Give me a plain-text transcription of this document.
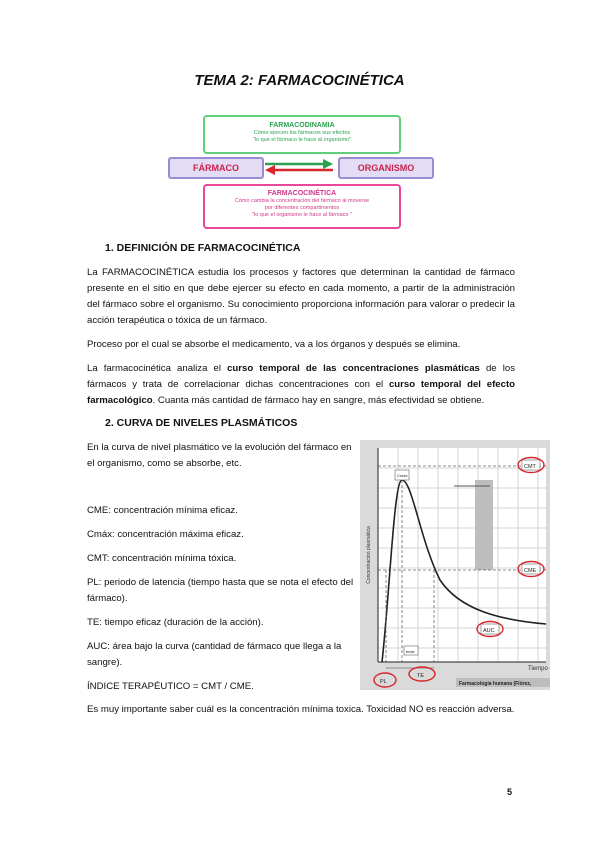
TEMA 2: FARMACOCINÉTICA
FARMACODINAMIA
Cómo ejercen los fármacos sus efectos
"lo que el fármaco le hace al organismo"
FÁRMACO	ORGANISMO
FARMACOCINÉTICA
Cómo cambia la concentración del fármaco al moverse
por diferentes compartimentos
"lo que el organismo le hace al fármaco "
1. DEFINICIÓN DE FARMACOCINÉTICA
La FARMACOCINÉTICA estudia los procesos y factores que determinan la cantidad de fármaco presente en el sitio en que debe ejercer su efecto en cada momento, a partir de la administración del fármaco sobre el organismo. Su conocimiento proporciona información para valorar o predecir la acción terapéutica o tóxica de un fármaco.
Proceso por el cual se absorbe el medicamento, va a los órganos y después se elimina.
La farmacocinética analiza el curso temporal de las concentraciones plasmáticas de los fármacos y trata de correlacionar dichas concentraciones con el curso temporal del efecto farmacológico. Cuanta más cantidad de fármaco hay en sangre, más efectividad se obtiene.
2. CURVA DE NIVELES PLASMÁTICOS
En la curva de nivel plasmático ve la evolución del fármaco en el organismo, como se absorbe, etc.
CME: concentración mínima eficaz.
Cmáx: concentración máxima eficaz.
CMT: concentración mínima tóxica.
PL: periodo de latencia (tiempo hasta que se nota el efecto del fármaco).
TE: tiempo eficaz (duración de la acción).
AUC: área bajo la curva (cantidad de fármaco que llega a la sangre).
ÍNDICE TERAPÉUTICO = CMT / CME.
Es muy importante saber cuál es la concentración mínima toxica. Toxicidad NO es reacción adversa.
Concentración plasmática
Tiempo
Cmáx
tmáx
CMT
CME
AUC
PL
TE
Farmacología humana (Flórez,
5
